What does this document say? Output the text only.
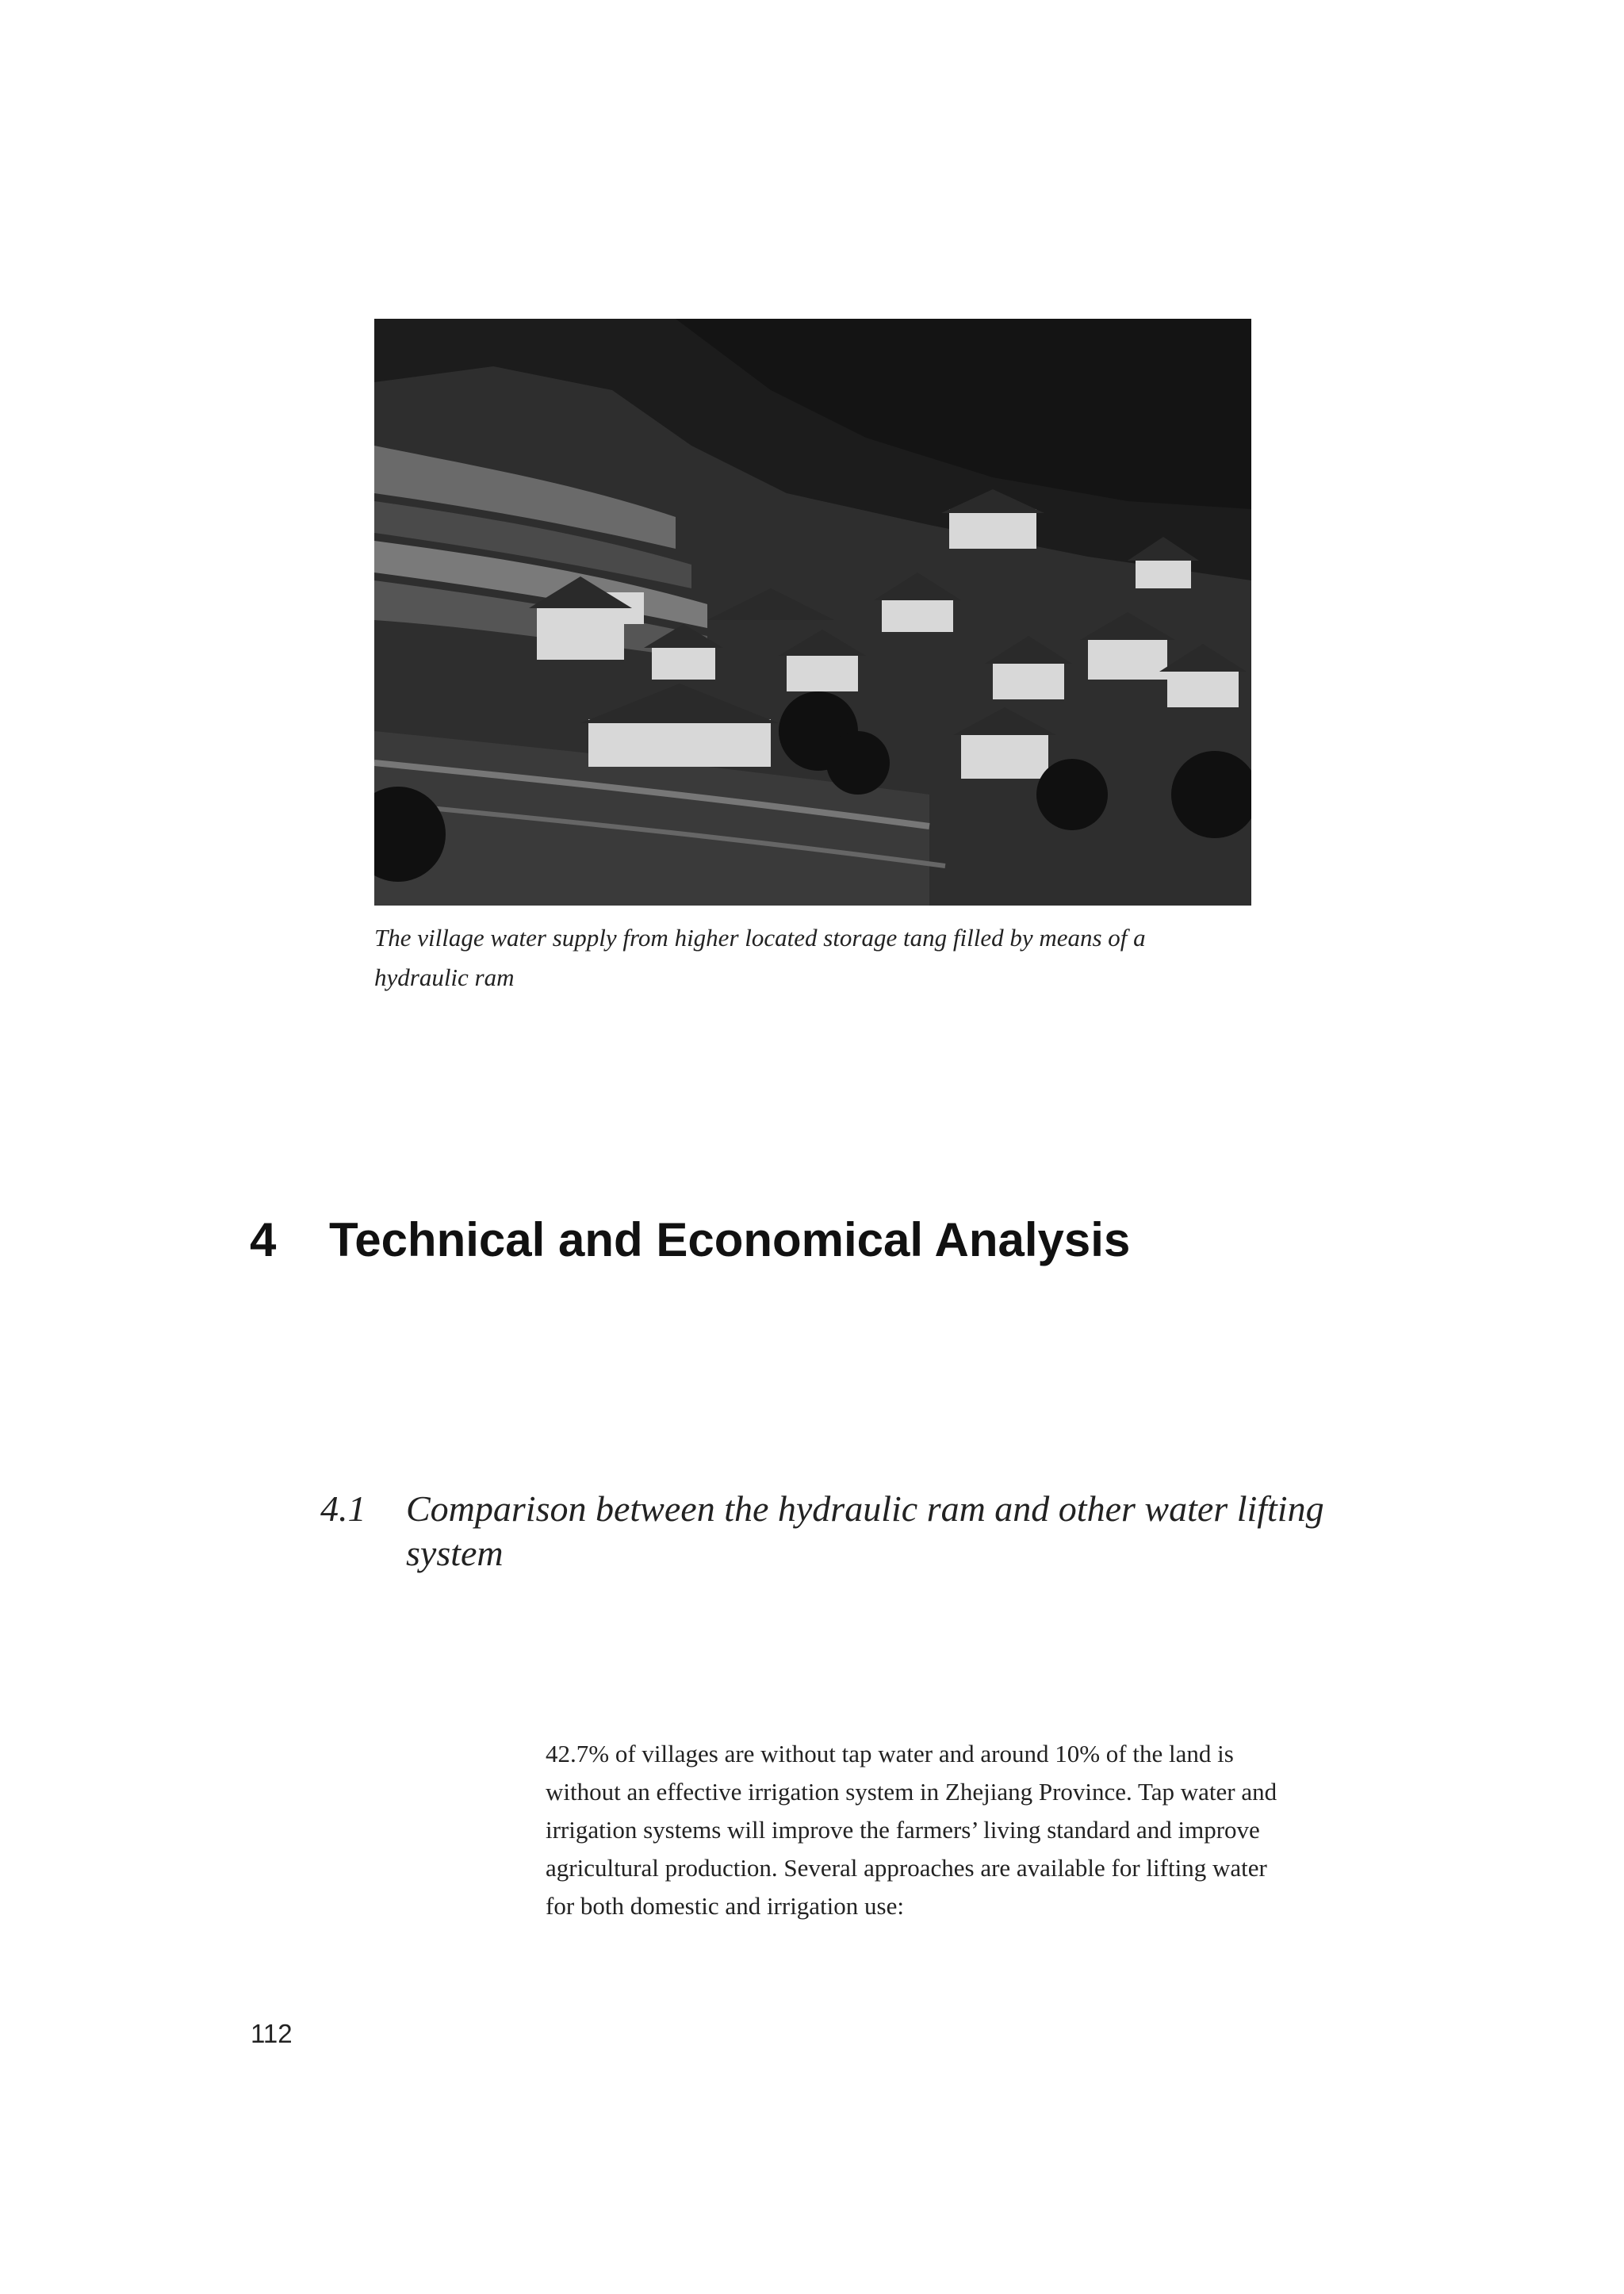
The village water supply from higher located storage tang filled by means of a
hydraulic ram
4	Technical and Economical Analysis
4.1	Comparison between the hydraulic ram and other water lifting system
42.7% of villages are without tap water and around 10% of the land is
without an effective irrigation system in Zhejiang Province. Tap water and
irrigation systems will improve the farmers’ living standard and improve
agricultural production. Several approaches are available for lifting water
for both domestic and irrigation use:
112
